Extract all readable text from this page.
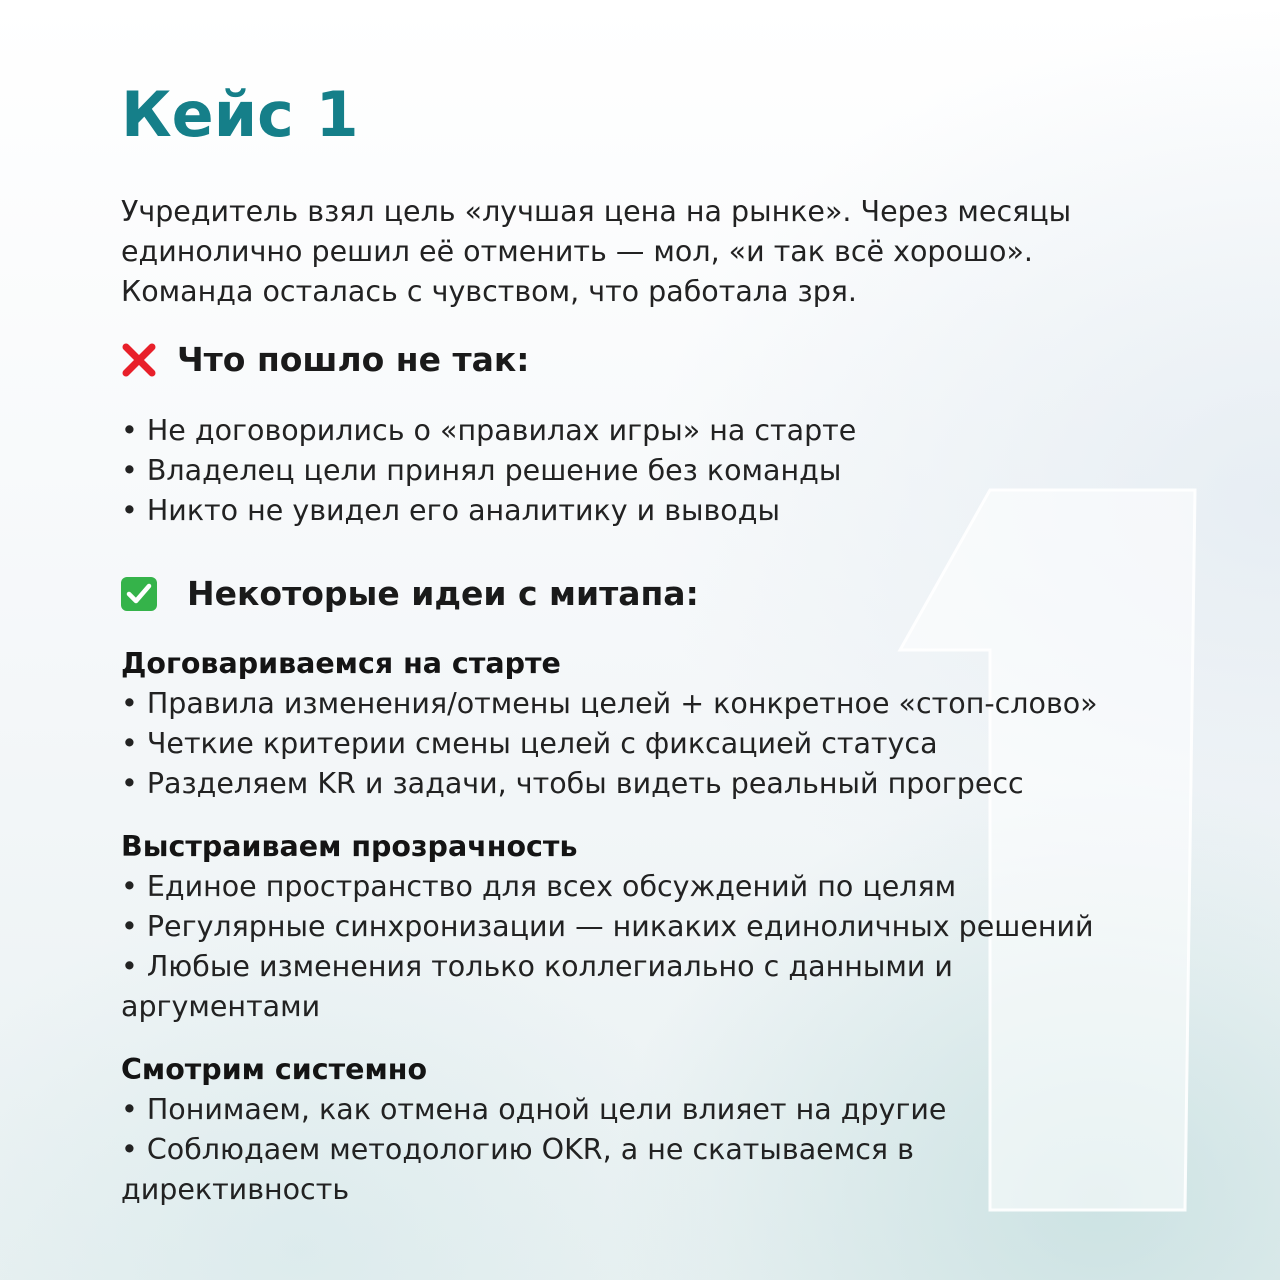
Кейс 1
Учредитель взял цель «лучшая цена на рынке». Через месяцы единолично решил её отменить — мол, «и так всё хорошо». Команда осталась с чувством, что работала зря.
Что пошло не так:
• Не договорились о «правилах игры» на старте
• Владелец цели принял решение без команды
• Никто не увидел его аналитику и выводы
Некоторые идеи с митапа:
Договариваемся на старте
• Правила изменения/отмены целей + конкретное «стоп-слово»
• Четкие критерии смены целей с фиксацией статуса
• Разделяем KR и задачи, чтобы видеть реальный прогресс
Выстраиваем прозрачность
• Единое пространство для всех обсуждений по целям
• Регулярные синхронизации — никаких единоличных решений
• Любые изменения только коллегиально с данными и аргументами
Смотрим системно
• Понимаем, как отмена одной цели влияет на другие
• Соблюдаем методологию OKR, а не скатываемся в директивность
